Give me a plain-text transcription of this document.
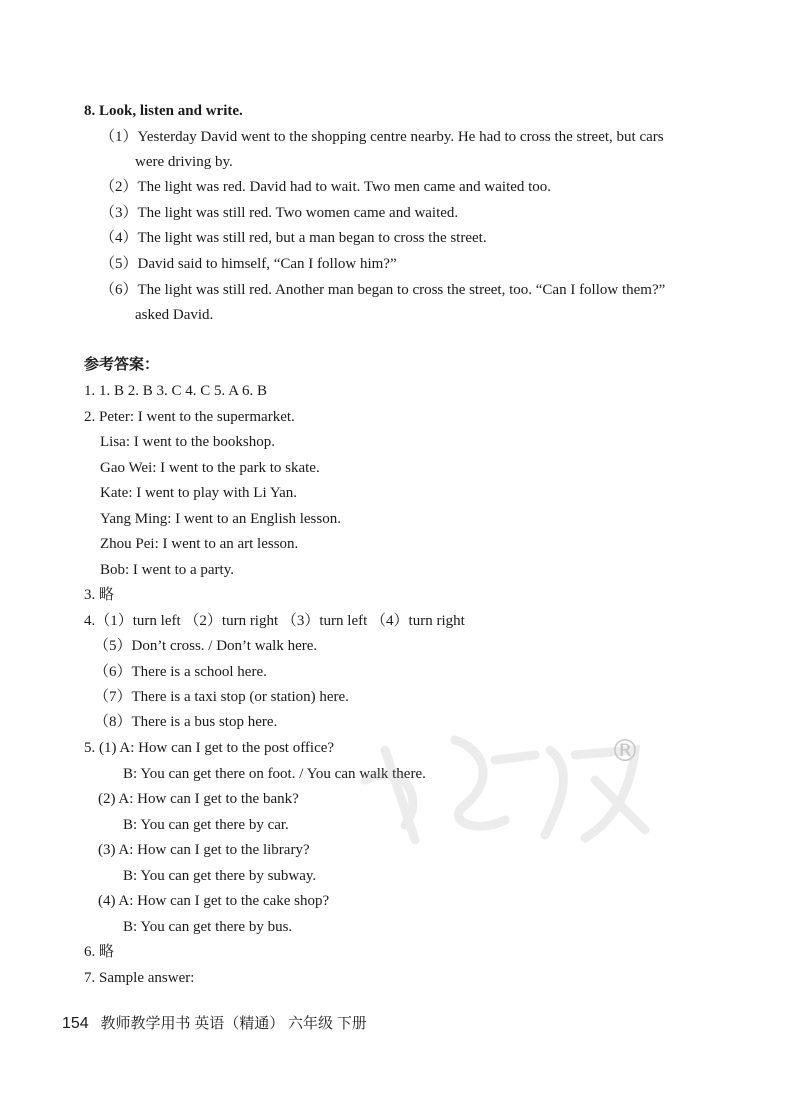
8. Look, listen and write.
（1）Yesterday David went to the shopping centre nearby. He had to cross the street, but cars
were driving by.
（2）The light was red. David had to wait. Two men came and waited too.
（3）The light was still red. Two women came and waited.
（4）The light was still red, but a man began to cross the street.
（5）David said to himself, “Can I follow him?”
（6）The light was still red. Another man began to cross the street, too. “Can I follow them?”
asked David.
参考答案：
1. 1. B 2. B 3. C 4. C 5. A 6. B
2. Peter: I went to the supermarket.
Lisa: I went to the bookshop.
Gao Wei: I went to the park to skate.
Kate: I went to play with Li Yan.
Yang Ming: I went to an English lesson.
Zhou Pei: I went to an art lesson.
Bob: I went to a party.
3. 略
4.（1）turn left （2）turn right （3）turn left （4）turn right
（5）Don’t cross. / Don’t walk here.
（6）There is a school here.
（7）There is a taxi stop (or station) here.
（8）There is a bus stop here.
5. (1) A: How can I get to the post office?
B: You can get there on foot. / You can walk there.
(2) A: How can I get to the bank?
B: You can get there by car.
(3) A: How can I get to the library?
B: You can get there by subway.
(4) A: How can I get to the cake shop?
B: You can get there by bus.
6. 略
7. Sample answer:
154 教师教学用书 英语（精通） 六年级 下册
®
